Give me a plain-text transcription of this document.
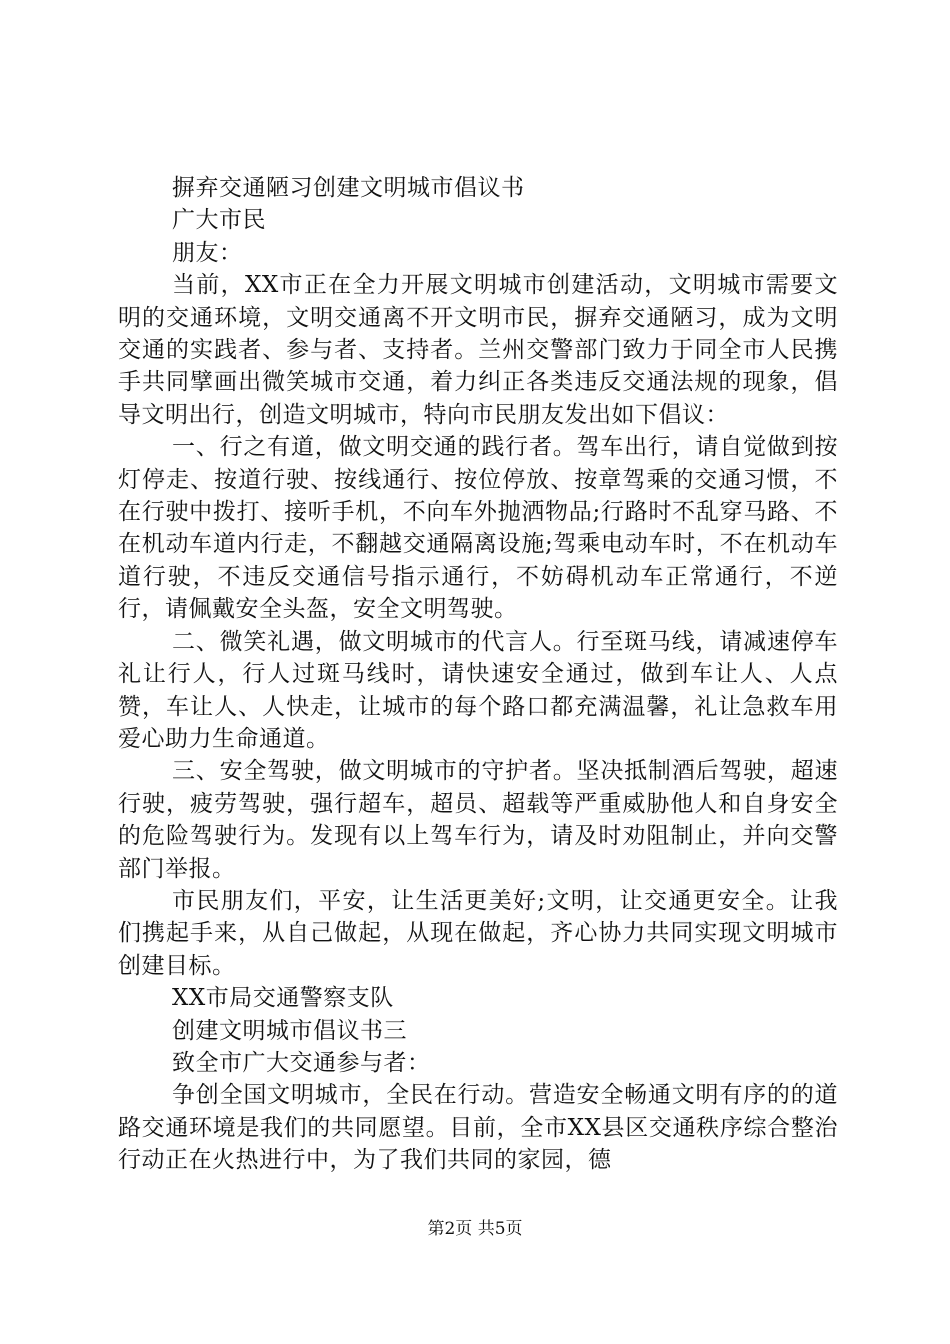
摒弃交通陋习创建文明城市倡议书

广大市民

朋友：

当前，XX市正在全力开展文明城市创建活动，文明城市需要文明的交通环境，文明交通离不开文明市民，摒弃交通陋习，成为文明交通的实践者、参与者、支持者。兰州交警部门致力于同全市人民携手共同擘画出微笑城市交通，着力纠正各类违反交通法规的现象，倡导文明出行，创造文明城市，特向市民朋友发出如下倡议：

一、行之有道，做文明交通的践行者。驾车出行，请自觉做到按灯停走、按道行驶、按线通行、按位停放、按章驾乘的交通习惯，不在行驶中拨打、接听手机，不向车外抛洒物品;行路时不乱穿马路、不在机动车道内行走，不翻越交通隔离设施;驾乘电动车时，不在机动车道行驶，不违反交通信号指示通行，不妨碍机动车正常通行，不逆行，请佩戴安全头盔，安全文明驾驶。

二、微笑礼遇，做文明城市的代言人。行至斑马线，请减速停车礼让行人，行人过斑马线时，请快速安全通过，做到车让人、人点赞，车让人、人快走，让城市的每个路口都充满温馨，礼让急救车用爱心助力生命通道。

三、安全驾驶，做文明城市的守护者。坚决抵制酒后驾驶，超速行驶，疲劳驾驶，强行超车，超员、超载等严重威胁他人和自身安全的危险驾驶行为。发现有以上驾车行为，请及时劝阻制止，并向交警部门举报。

市民朋友们，平安，让生活更美好;文明，让交通更安全。让我们携起手来，从自己做起，从现在做起，齐心协力共同实现文明城市创建目标。

XX市局交通警察支队

创建文明城市倡议书三

致全市广大交通参与者：

争创全国文明城市，全民在行动。营造安全畅通文明有序的的道路交通环境是我们的共同愿望。目前，全市XX县区交通秩序综合整治行动正在火热进行中，为了我们共同的家园，德

第2页 共5页
